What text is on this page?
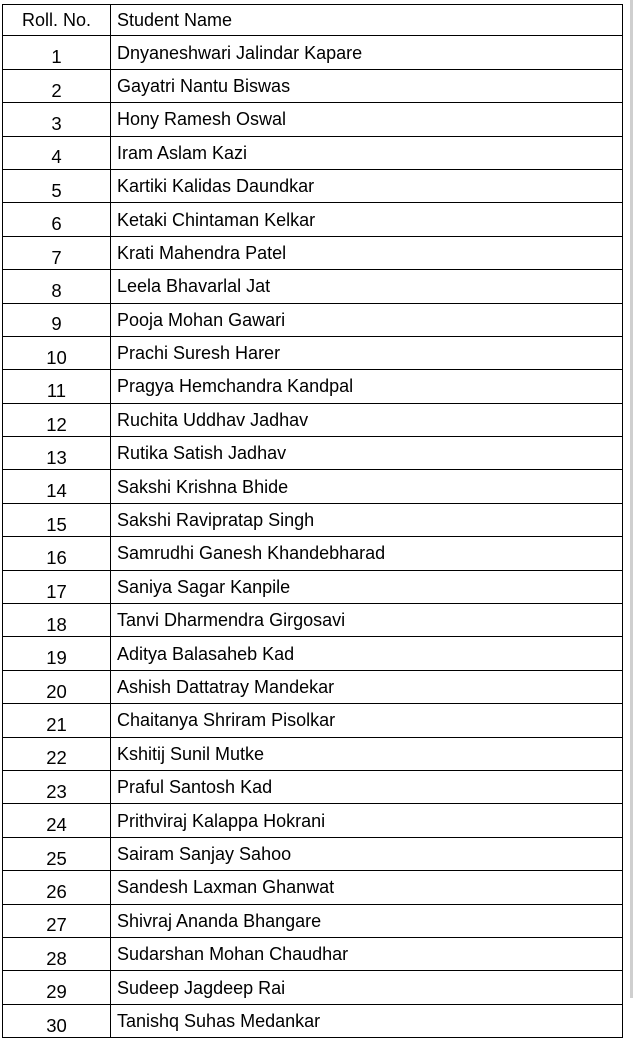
Roll. No.	Student Name
1	Dnyaneshwari Jalindar Kapare
2	Gayatri Nantu Biswas
3	Hony Ramesh Oswal
4	Iram Aslam Kazi
5	Kartiki Kalidas Daundkar
6	Ketaki Chintaman Kelkar
7	Krati Mahendra Patel
8	Leela Bhavarlal Jat
9	Pooja Mohan Gawari
10	Prachi Suresh Harer
11	Pragya Hemchandra Kandpal
12	Ruchita Uddhav Jadhav
13	Rutika Satish Jadhav
14	Sakshi Krishna Bhide
15	Sakshi Ravipratap Singh
16	Samrudhi Ganesh Khandebharad
17	Saniya Sagar Kanpile
18	Tanvi Dharmendra Girgosavi
19	Aditya Balasaheb Kad
20	Ashish Dattatray Mandekar
21	Chaitanya Shriram Pisolkar
22	Kshitij Sunil Mutke
23	Praful Santosh Kad
24	Prithviraj Kalappa Hokrani
25	Sairam Sanjay Sahoo
26	Sandesh Laxman Ghanwat
27	Shivraj Ananda Bhangare
28	Sudarshan Mohan Chaudhar
29	Sudeep Jagdeep Rai
30	Tanishq Suhas Medankar
